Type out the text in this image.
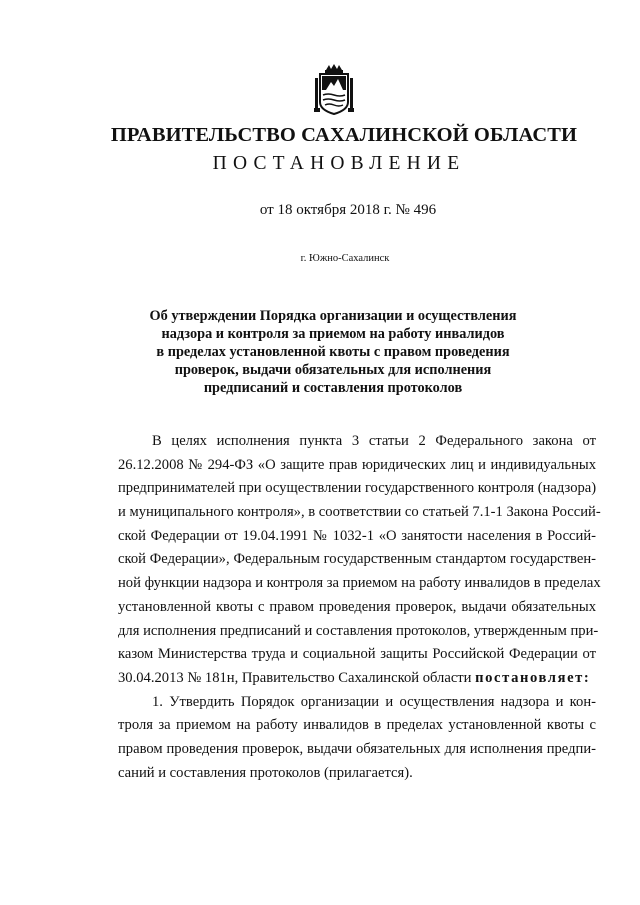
ПРАВИТЕЛЬСТВО САХАЛИНСКОЙ ОБЛАСТИ
ПОСТАНОВЛЕНИЕ
от 18 октября 2018 г. № 496
г. Южно-Сахалинск
Об утверждении Порядка организации и осуществления
надзора и контроля за приемом на работу инвалидов
в пределах установленной квоты с правом проведения
проверок, выдачи обязательных для исполнения
предписаний и составления протоколов
В целях исполнения пункта 3 статьи 2 Федерального закона от
26.12.2008 № 294-ФЗ «О защите прав юридических лиц и индивидуальных
предпринимателей при осуществлении государственного контроля (надзора)
и муниципального контроля», в соответствии со статьей 7.1-1 Закона Россий-
ской Федерации от 19.04.1991 № 1032-1 «О занятости населения в Россий-
ской Федерации», Федеральным государственным стандартом государствен-
ной функции надзора и контроля за приемом на работу инвалидов в пределах
установленной квоты с правом проведения проверок, выдачи обязательных
для исполнения предписаний и составления протоколов, утвержденным при-
казом Министерства труда и социальной защиты Российской Федерации от
30.04.2013 № 181н, Правительство Сахалинской области постановляет:
1. Утвердить Порядок организации и осуществления надзора и кон-
троля за приемом на работу инвалидов в пределах установленной квоты с
правом проведения проверок, выдачи обязательных для исполнения предпи-
саний и составления протоколов (прилагается).
